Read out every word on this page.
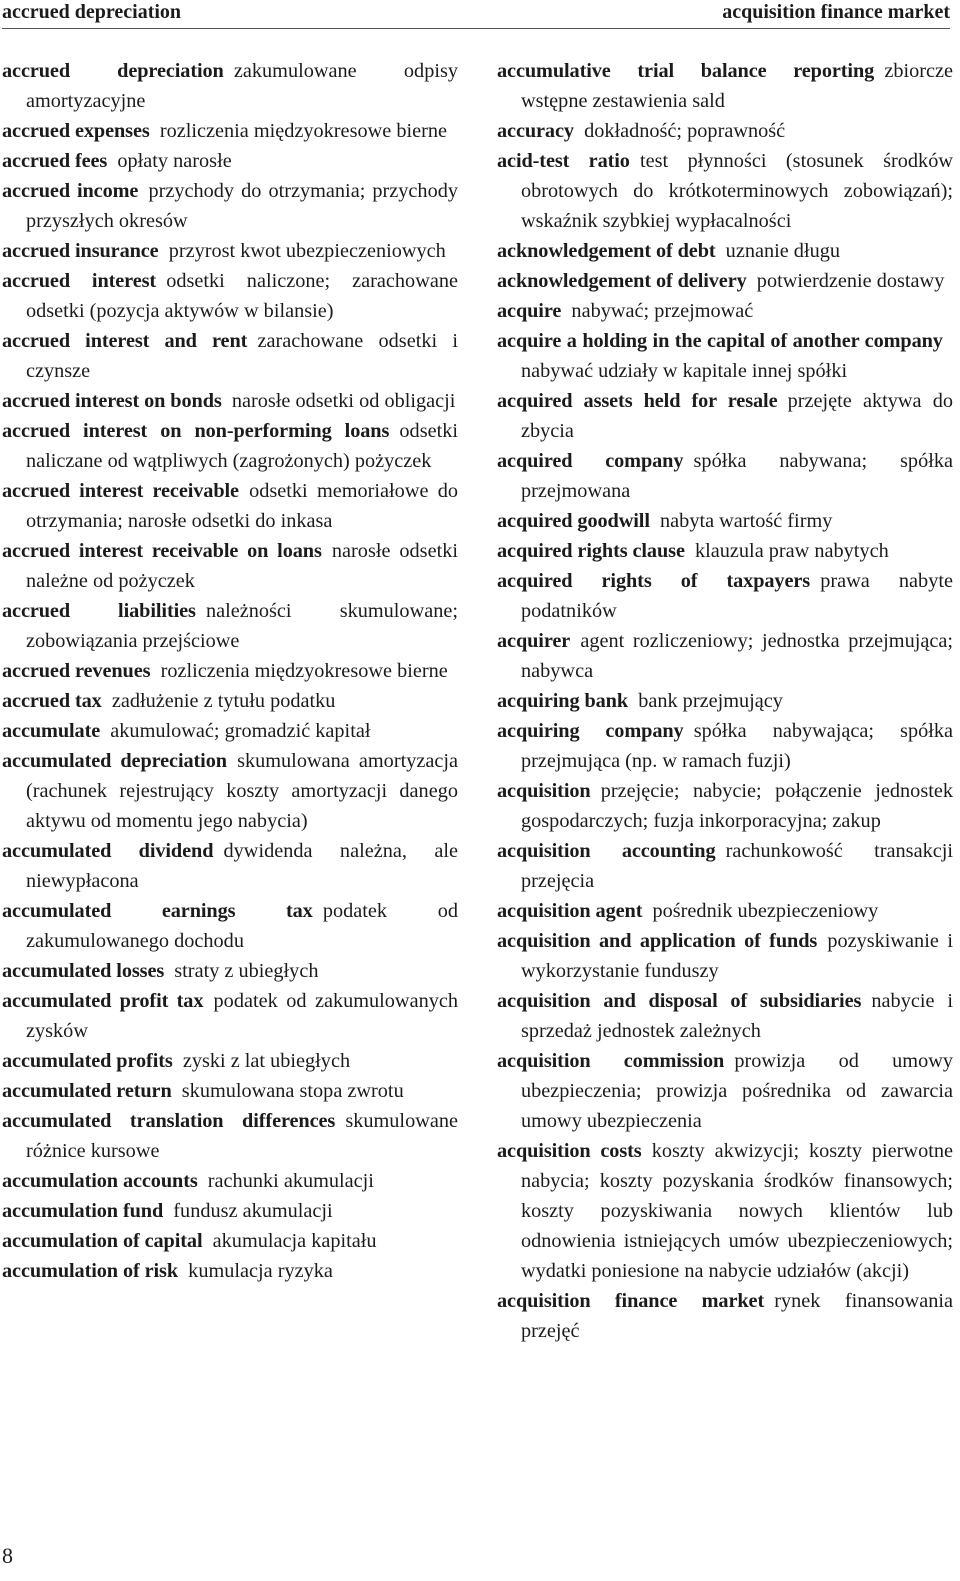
accrued depreciation	acquisition finance market
accrued depreciation  zakumulowane odpisy amortyzacyjne
accrued expenses  rozliczenia międzyokresowe bierne
accrued fees  opłaty narosłe
accrued income  przychody do otrzymania; przychody przyszłych okresów
accrued insurance  przyrost kwot ubezpieczeniowych
accrued interest  odsetki naliczone; zarachowane odsetki (pozycja aktywów w bilansie)
accrued interest and rent  zarachowane odsetki i czynsze
accrued interest on bonds  narosłe odsetki od obligacji
accrued interest on non-performing loans  odsetki naliczane od wątpliwych (zagrożonych) pożyczek
accrued interest receivable  odsetki memoriałowe do otrzymania; narosłe odsetki do inkasa
accrued interest receivable on loans  narosłe odsetki należne od pożyczek
accrued liabilities  należności skumulowane; zobowiązania przejściowe
accrued revenues  rozliczenia międzyokresowe bierne
accrued tax  zadłużenie z tytułu podatku
accumulate  akumulować; gromadzić kapitał
accumulated depreciation  skumulowana amortyzacja (rachunek rejestrujący koszty amortyzacji danego aktywu od momentu jego nabycia)
accumulated dividend  dywidenda należna, ale niewypłacona
accumulated earnings tax  podatek od zakumulowanego dochodu
accumulated losses  straty z ubiegłych
accumulated profit tax  podatek od zakumulowanych zysków
accumulated profits  zyski z lat ubiegłych
accumulated return  skumulowana stopa zwrotu
accumulated translation differences  skumulowane różnice kursowe
accumulation accounts  rachunki akumulacji
accumulation fund  fundusz akumulacji
accumulation of capital  akumulacja kapitału
accumulation of risk  kumulacja ryzyka
accumulative trial balance reporting  zbiorcze wstępne zestawienia sald
accuracy  dokładność; poprawność
acid-test ratio  test płynności (stosunek środków obrotowych do krótkoterminowych zobowiązań); wskaźnik szybkiej wypłacalności
acknowledgement of debt  uznanie długu
acknowledgement of delivery  potwierdzenie dostawy
acquire  nabywać; przejmować
acquire a holding in the capital of another company nabywać udziały w kapitale innej spółki
acquired assets held for resale  przejęte aktywa do zbycia
acquired company  spółka nabywana; spółka przejmowana
acquired goodwill  nabyta wartość firmy
acquired rights clause  klauzula praw nabytych
acquired rights of taxpayers  prawa nabyte podatników
acquirer  agent rozliczeniowy; jednostka przejmująca; nabywca
acquiring bank  bank przejmujący
acquiring company  spółka nabywająca; spółka przejmująca (np. w ramach fuzji)
acquisition  przejęcie; nabycie; połączenie jednostek gospodarczych; fuzja inkorporacyjna; zakup
acquisition accounting  rachunkowość transakcji przejęcia
acquisition agent  pośrednik ubezpieczeniowy
acquisition and application of funds  pozyskiwanie i wykorzystanie funduszy
acquisition and disposal of subsidiaries  nabycie i sprzedaż jednostek zależnych
acquisition commission  prowizja od umowy ubezpieczenia; prowizja pośrednika od zawarcia umowy ubezpieczenia
acquisition costs  koszty akwizycji; koszty pierwotne nabycia; koszty pozyskania środków finansowych; koszty pozyskiwania nowych klientów lub odnowienia istniejących umów ubezpieczeniowych; wydatki poniesione na nabycie udziałów (akcji)
acquisition finance market  rynek finansowania przejęć
8
